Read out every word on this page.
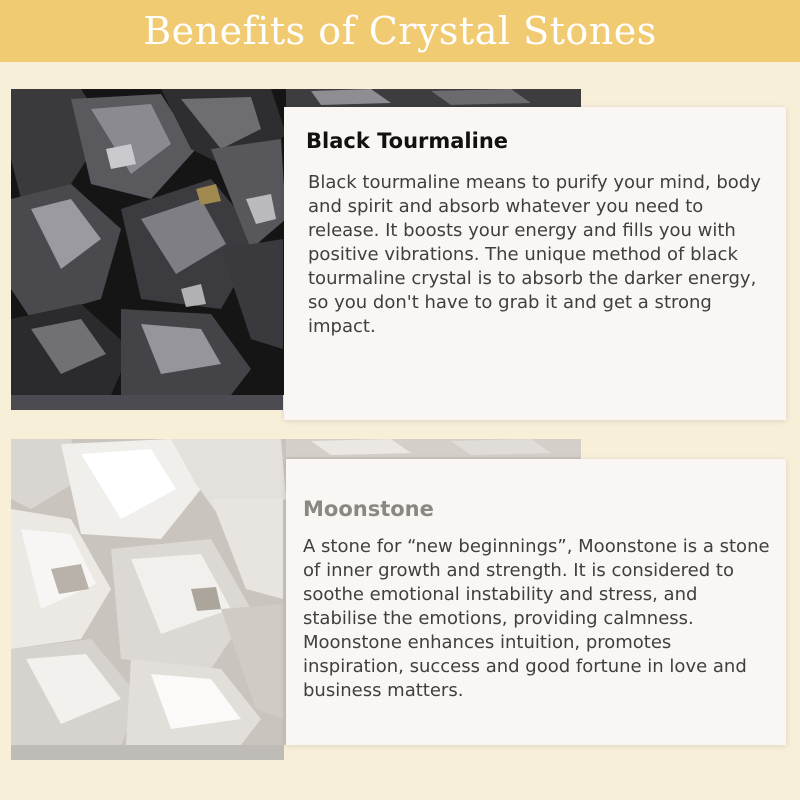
Benefits of Crystal Stones
Black Tourmaline

Black tourmaline means to purify your mind, body and spirit and absorb whatever you need to release. It boosts your energy and fills you with positive vibrations. The unique method of black tourmaline crystal is to absorb the darker energy, so you don't have to grab it and get a strong impact.

Moonstone

A stone for “new beginnings”, Moonstone is a stone of inner growth and strength. It is considered to soothe emotional instability and stress, and stabilise the emotions, providing calmness. Moonstone enhances intuition, promotes inspiration, success and good fortune in love and business matters.
